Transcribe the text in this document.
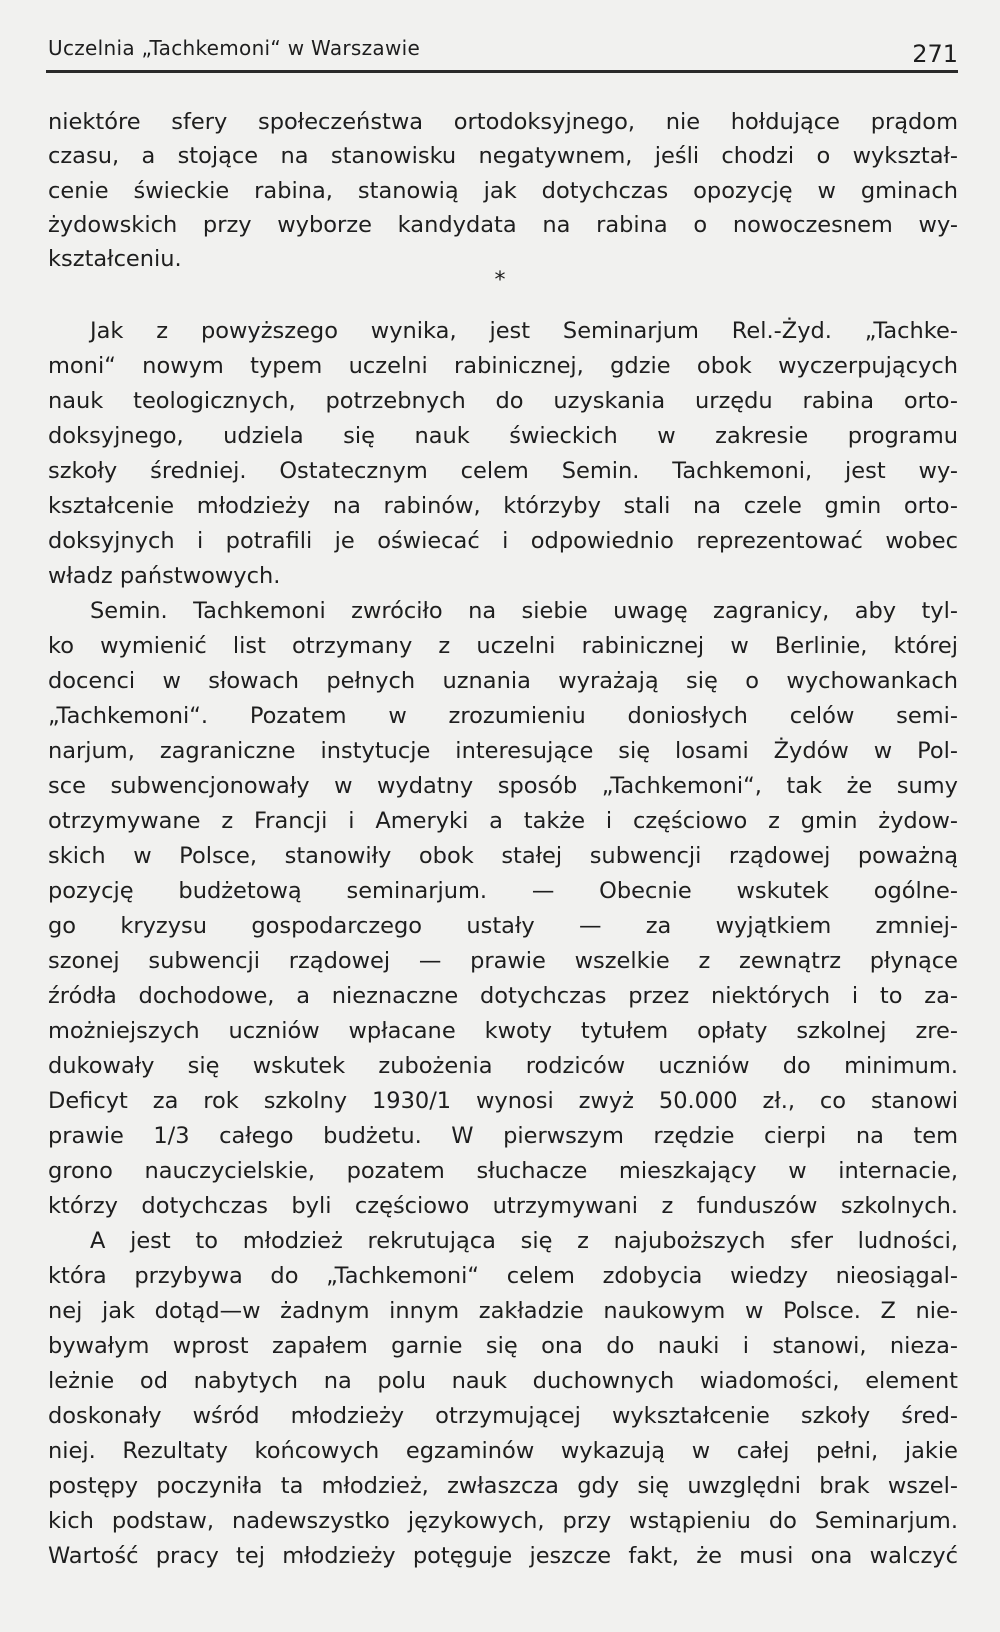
Uczelnia „Tachkemoni“ w Warszawie	271
*
niektóre sfery społeczeństwa ortodoksyjnego, nie hołdujące prądom
czasu, a stojące na stanowisku negatywnem, jeśli chodzi o wykształ-
cenie świeckie rabina, stanowią jak dotychczas opozycję w gminach
żydowskich przy wyborze kandydata na rabina o nowoczesnem wy-
kształceniu.
Jak z powyższego wynika, jest Seminarjum Rel.-Żyd. „Tachke-
moni“ nowym typem uczelni rabinicznej, gdzie obok wyczerpujących
nauk teologicznych, potrzebnych do uzyskania urzędu rabina orto-
doksyjnego, udziela się nauk świeckich w zakresie programu
szkoły średniej. Ostatecznym celem Semin. Tachkemoni, jest wy-
kształcenie młodzieży na rabinów, którzyby stali na czele gmin orto-
doksyjnych i potrafili je oświecać i odpowiednio reprezentować wobec
władz państwowych.
Semin. Tachkemoni zwróciło na siebie uwagę zagranicy, aby tyl-
ko wymienić list otrzymany z uczelni rabinicznej w Berlinie, której
docenci w słowach pełnych uznania wyrażają się o wychowankach
„Tachkemoni“. Pozatem w zrozumieniu doniosłych celów semi-
narjum, zagraniczne instytucje interesujące się losami Żydów w Pol-
sce subwencjonowały w wydatny sposób „Tachkemoni“, tak że sumy
otrzymywane z Francji i Ameryki a także i częściowo z gmin żydow-
skich w Polsce, stanowiły obok stałej subwencji rządowej poważną
pozycję budżetową seminarjum. — Obecnie wskutek ogólne-
go kryzysu gospodarczego ustały — za wyjątkiem zmniej-
szonej subwencji rządowej — prawie wszelkie z zewnątrz płynące
źródła dochodowe, a nieznaczne dotychczas przez niektórych i to za-
możniejszych uczniów wpłacane kwoty tytułem opłaty szkolnej zre-
dukowały się wskutek zubożenia rodziców uczniów do minimum.
Deficyt za rok szkolny 1930/1 wynosi zwyż 50.000 zł., co stanowi
prawie 1/3 całego budżetu. W pierwszym rzędzie cierpi na tem
grono nauczycielskie, pozatem słuchacze mieszkający w internacie,
którzy dotychczas byli częściowo utrzymywani z funduszów szkolnych.
A jest to młodzież rekrutująca się z najuboższych sfer ludności,
która przybywa do „Tachkemoni“ celem zdobycia wiedzy nieosiągal-
nej jak dotąd—w żadnym innym zakładzie naukowym w Polsce. Z nie-
bywałym wprost zapałem garnie się ona do nauki i stanowi, nieza-
leżnie od nabytych na polu nauk duchownych wiadomości, element
doskonały wśród młodzieży otrzymującej wykształcenie szkoły śred-
niej. Rezultaty końcowych egzaminów wykazują w całej pełni, jakie
postępy poczyniła ta młodzież, zwłaszcza gdy się uwzględni brak wszel-
kich podstaw, nadewszystko językowych, przy wstąpieniu do Seminarjum.
Wartość pracy tej młodzieży potęguje jeszcze fakt, że musi ona walczyć
